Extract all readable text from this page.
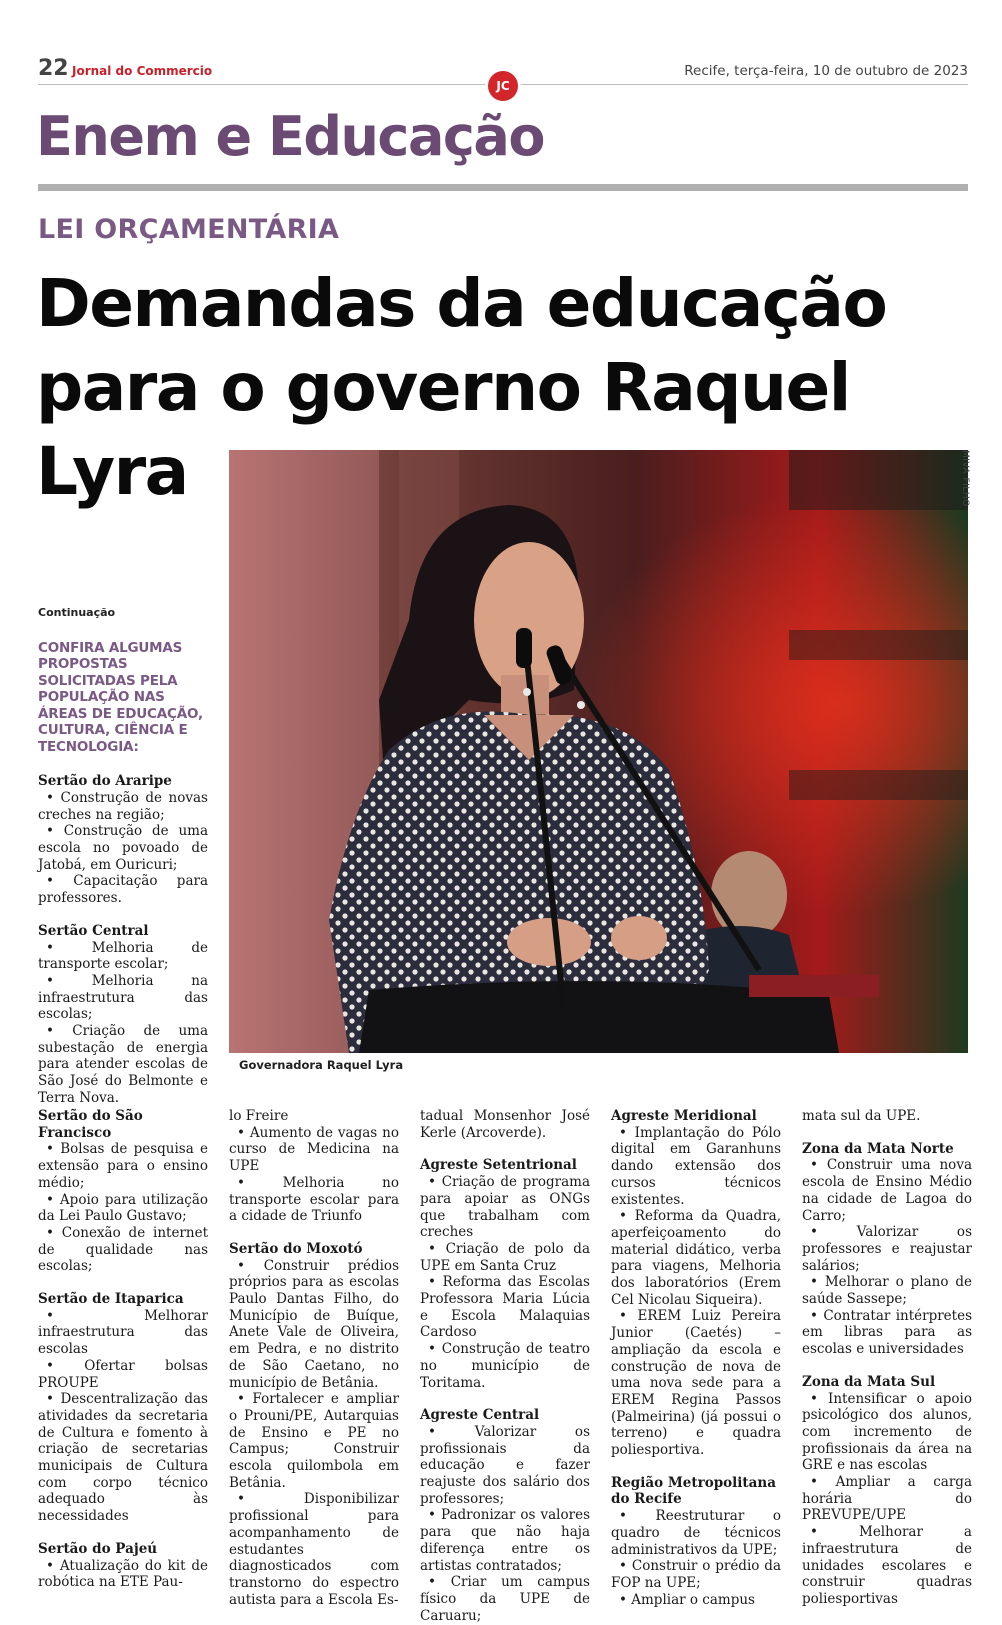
22 Jornal do Commercio	Recife, terça-feira, 10 de outubro de 2023
JC
Enem e Educação
LEI ORÇAMENTÁRIA
Demandas da educação para o governo Raquel Lyra	MIVA FILHO
Governadora Raquel Lyra
Continuação
CONFIRA ALGUMAS PROPOSTAS SOLICITADAS PELA POPULAÇÃO NAS ÁREAS DE EDUCAÇÃO, CULTURA, CIÊNCIA E TECNOLOGIA:
Sertão do Araripe

• Construção de novas creches na região;

• Construção de uma escola no povoado de Jatobá, em Ouricuri;

• Capacitação para professores.

Sertão Central

• Melhoria de transporte escolar;

• Melhoria na infraestrutura das escolas;

• Criação de uma subestação de energia para atender escolas de São José do Belmonte e Terra Nova.

Sertão do São Francisco

• Bolsas de pesquisa e extensão para o ensino médio;

• Apoio para utilização da Lei Paulo Gustavo;

• Conexão de internet de qualidade nas escolas;

Sertão de Itaparica

• Melhorar infraestrutura das escolas

• Ofertar bolsas PROUPE

• Descentralização das atividades da secretaria de Cultura e fomento à criação de secretarias municipais de Cultura com corpo técnico adequado às necessidades

Sertão do Pajeú

• Atualização do kit de robótica na ETE Pau-

lo Freire

• Aumento de vagas no curso de Medicina na UPE

• Melhoria no transporte escolar para a cidade de Triunfo

Sertão do Moxotó

• Construir prédios próprios para as escolas Paulo Dantas Filho, do Município de Buíque, Anete Vale de Oliveira, em Pedra, e no distrito de São Caetano, no município de Betânia.

• Fortalecer e ampliar o Prouni/PE, Autarquias de Ensino e PE no Campus; Construir escola quilombola em Betânia.

• Disponibilizar profissional para acompanhamento de estudantes diagnosticados com transtorno do espectro autista para a Escola Es-

tadual Monsenhor José Kerle (Arcoverde).

Agreste Setentrional

• Criação de programa para apoiar as ONGs que trabalham com creches

• Criação de polo da UPE em Santa Cruz

• Reforma das Escolas Professora Maria Lúcia e Escola Malaquias Cardoso

• Construção de teatro no município de Toritama.

Agreste Central

• Valorizar os profissionais da educação e fazer reajuste dos salário dos professores;

• Padronizar os valores para que não haja diferença entre os artistas contratados;

• Criar um campus físico da UPE de Caruaru;

Agreste Meridional

• Implantação do Pólo digital em Garanhuns dando extensão dos cursos técnicos existentes.

• Reforma da Quadra, aperfeiçoamento do material didático, verba para viagens, Melhoria dos laboratórios (Erem Cel Nicolau Siqueira).

• EREM Luiz Pereira Junior (Caetés) – ampliação da escola e construção de nova de uma nova sede para a EREM Regina Passos (Palmeirina) (já possui o terreno) e quadra poliesportiva.

Região Metropolitana do Recife

• Reestruturar o quadro de técnicos administrativos da UPE;

• Construir o prédio da FOP na UPE;

• Ampliar o campus

mata sul da UPE.

Zona da Mata Norte

• Construir uma nova escola de Ensino Médio na cidade de Lagoa do Carro;

• Valorizar os professores e reajustar salários;

• Melhorar o plano de saúde Sassepe;

• Contratar intérpretes em libras para as escolas e universidades

Zona da Mata Sul

• Intensificar o apoio psicológico dos alunos, com incremento de profissionais da área na GRE e nas escolas

• Ampliar a carga horária do PREVUPE/UPE

• Melhorar a infraestrutura de unidades escolares e construir quadras poliesportivas
